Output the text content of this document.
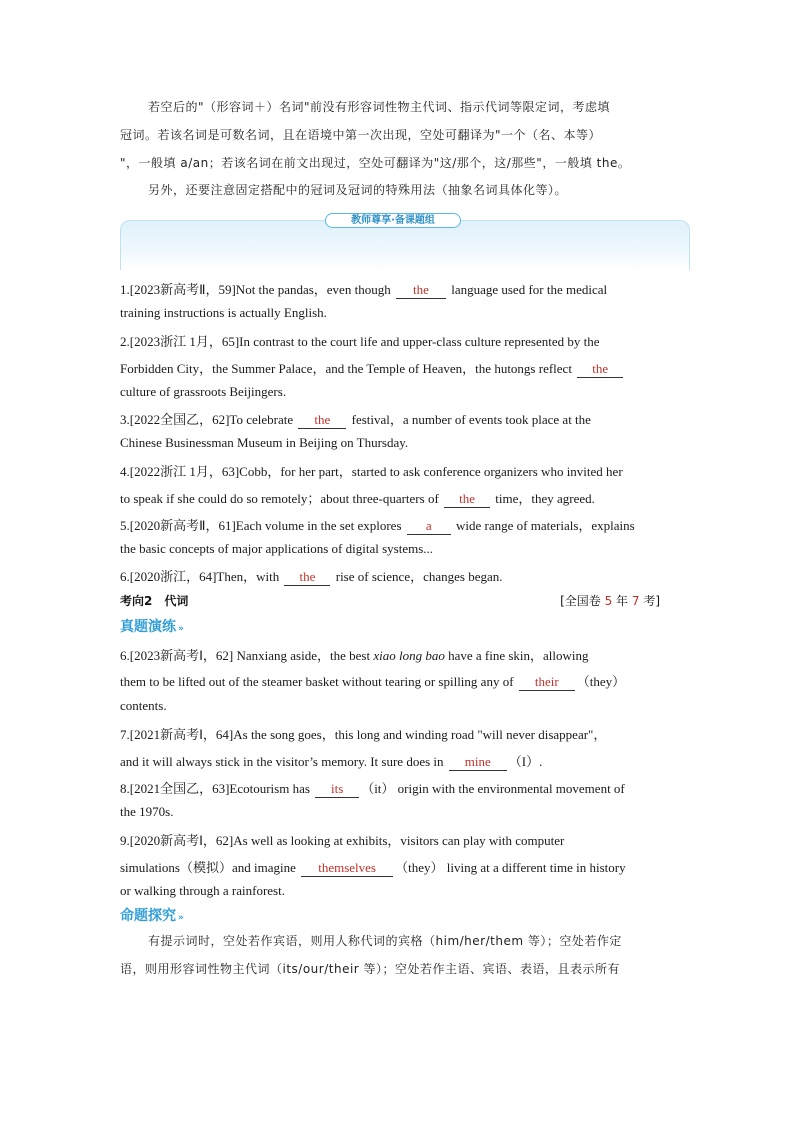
若空后的"（形容词＋）名词"前没有形容词性物主代词、指示代词等限定词，考虑填
冠词。若该名词是可数名词，且在语境中第一次出现，空处可翻译为"一个（名、本等）
"，一般填 a/an；若该名词在前文出现过，空处可翻译为"这/那个，这/那些"，一般填 the。
另外，还要注意固定搭配中的冠词及冠词的特殊用法（抽象名词具体化等）。
教师尊享·备课题组
1.[2023新高考Ⅱ，59]Not the pandas，even though the language used for the medical
training instructions is actually English.
2.[2023浙江 1月，65]In contrast to the court life and upper-class culture represented by the
Forbidden City，the Summer Palace，and the Temple of Heaven，the hutongs reflect the
culture of grassroots Beijingers.
3.[2022全国乙，62]To celebrate the festival，a number of events took place at the
Chinese Businessman Museum in Beijing on Thursday.
4.[2022浙江 1月，63]Cobb，for her part，started to ask conference organizers who invited her
to speak if she could do so remotely；about three-quarters of the time，they agreed.
5.[2020新高考Ⅱ，61]Each volume in the set explores a wide range of materials，explains
the basic concepts of major applications of digital systems...
6.[2020浙江，64]Then，with the rise of science，changes began.
考向2　代词	[全国卷 5 年 7 考]
真题演练 »
6.[2023新高考Ⅰ，62] Nanxiang aside，the best xiao long bao have a fine skin，allowing
them to be lifted out of the steamer basket without tearing or spilling any of their （they）
contents.
7.[2021新高考Ⅰ，64]As the song goes，this long and winding road "will never disappear"，
and it will always stick in the visitor’s memory. It sure does in mine （I）.
8.[2021全国乙，63]Ecotourism has its （it） origin with the environmental movement of
the 1970s.
9.[2020新高考Ⅰ，62]As well as looking at exhibits，visitors can play with computer
simulations（模拟）and imagine themselves （they） living at a different time in history
or walking through a rainforest.
命题探究 »
有提示词时，空处若作宾语，则用人称代词的宾格（him/her/them 等）；空处若作定
语，则用形容词性物主代词（its/our/their 等）；空处若作主语、宾语、表语，且表示所有
